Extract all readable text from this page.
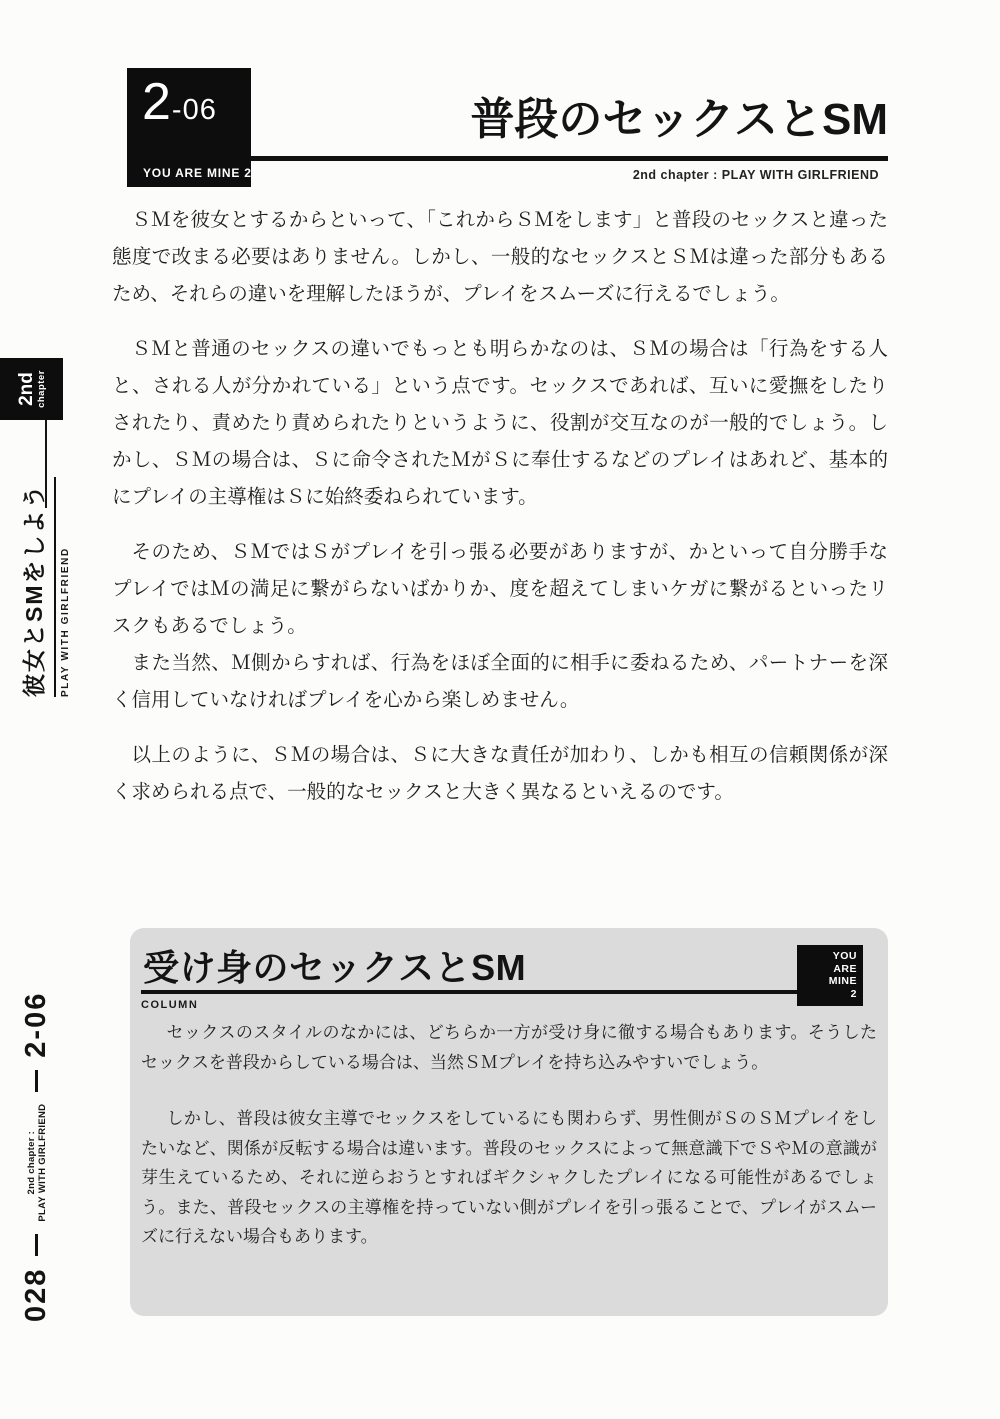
2-06
YOU ARE MINE 2
普段のセックスとSM
2nd chapter : PLAY WITH GIRLFRIEND

ＳＭを彼女とするからといって、「これからＳＭをします」と普段のセックスと違った態度で改まる必要はありません。しかし、一般的なセックスとＳＭは違った部分もあるため、それらの違いを理解したほうが、プレイをスムーズに行えるでしょう。

ＳＭと普通のセックスの違いでもっとも明らかなのは、ＳＭの場合は「行為をする人と、される人が分かれている」という点です。セックスであれば、互いに愛撫をしたりされたり、責めたり責められたりというように、役割が交互なのが一般的でしょう。しかし、ＳＭの場合は、Ｓに命令されたＭがＳに奉仕するなどのプレイはあれど、基本的にプレイの主導権はＳに始終委ねられています。

そのため、ＳＭではＳがプレイを引っ張る必要がありますが、かといって自分勝手なプレイではＭの満足に繋がらないばかりか、度を超えてしまいケガに繋がるといったリスクもあるでしょう。

また当然、Ｍ側からすれば、行為をほぼ全面的に相手に委ねるため、パートナーを深く信用していなければプレイを心から楽しめません。

以上のように、ＳＭの場合は、Ｓに大きな責任が加わり、しかも相互の信頼関係が深く求められる点で、一般的なセックスと大きく異なるといえるのです。

受け身のセックスとSM
COLUMN
YOU
ARE
MINE
2

セックスのスタイルのなかには、どちらか一方が受け身に徹する場合もあります。そうしたセックスを普段からしている場合は、当然ＳＭプレイを持ち込みやすいでしょう。

しかし、普段は彼女主導でセックスをしているにも関わらず、男性側がＳのＳＭプレイをしたいなど、関係が反転する場合は違います。普段のセックスによって無意識下でＳやＭの意識が芽生えているため、それに逆らおうとすればギクシャクしたプレイになる可能性があるでしょう。また、普段セックスの主導権を持っていない側がプレイを引っ張ることで、プレイがスムーズに行えない場合もあります。

2nd chapter
彼女とSMをしよう	PLAY WITH GIRLFRIEND
028
2nd chapter : PLAY WITH GIRLFRIEND
2-06
